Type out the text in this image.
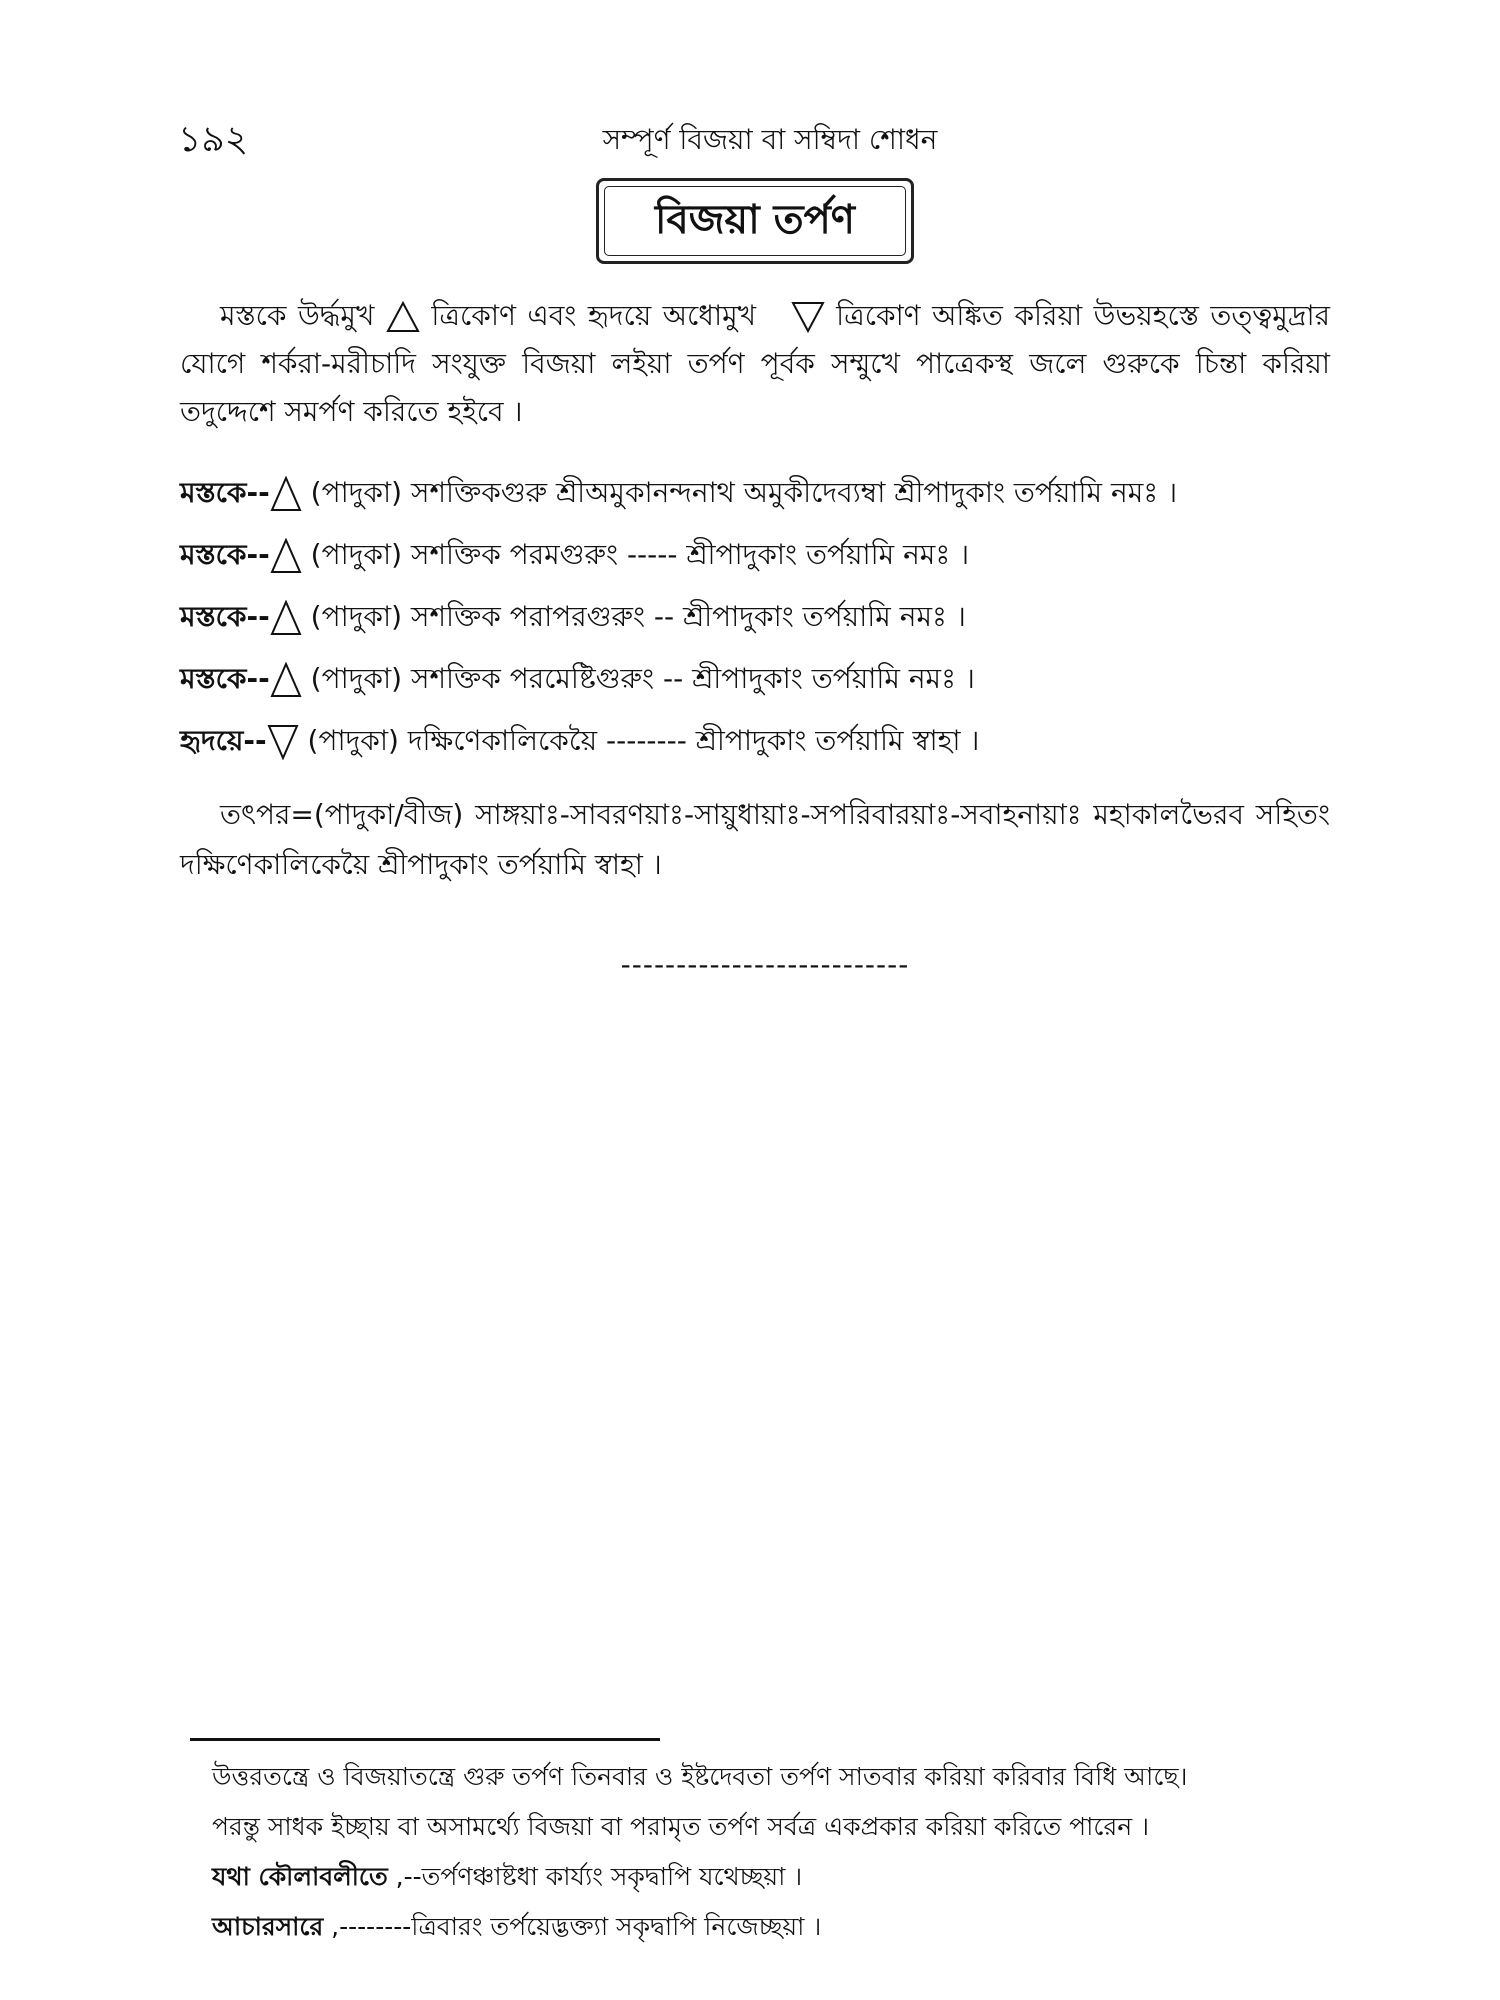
১৯২	সম্পূর্ণ বিজয়া বা সম্বিদা শোধন
বিজয়া তর্পণ
মস্তকে উর্দ্ধমুখ ত্রিকোণ এবং হৃদয়ে অধোমুখ	ত্রিকোণ অঙ্কিত করিয়া উভয়হস্তে তত্ত্বমুদ্রার যোগে শর্করা-মরীচাদি সংযুক্ত বিজয়া লইয়া তর্পণ পূর্বক সম্মুখে পাত্রেকস্থ জলে গুরুকে চিন্তা করিয়া তদুদ্দেশে সমর্পণ করিতে হইবে ।
মস্তকে-- (পাদুকা) সশক্তিকগুরু শ্রীঅমুকানন্দনাথ অমুকীদেব্যম্বা শ্রীপাদুকাং তর্পয়ামি নমঃ ।
মস্তকে-- (পাদুকা) সশক্তিক পরমগুরুং ----- শ্রীপাদুকাং তর্পয়ামি নমঃ ।
মস্তকে-- (পাদুকা) সশক্তিক পরাপরগুরুং -- শ্রীপাদুকাং তর্পয়ামি নমঃ ।
মস্তকে-- (পাদুকা) সশক্তিক পরমেষ্টিগুরুং -- শ্রীপাদুকাং তর্পয়ামি নমঃ ।
হৃদয়ে-- (পাদুকা) দক্ষিণেকালিকেয়ৈ -------- শ্রীপাদুকাং তর্পয়ামি স্বাহা ।
তৎপর=(পাদুকা/বীজ) সাঙ্গয়াঃ-সাবরণয়াঃ-সায়ুধায়াঃ-সপরিবারয়াঃ-সবাহনায়াঃ মহাকালভৈরব সহিতং দক্ষিণেকালিকেয়ৈ শ্রীপাদুকাং তর্পয়ামি স্বাহা ।
--------------------------
উত্তরতন্ত্রে ও বিজয়াতন্ত্রে গুরু তর্পণ তিনবার ও ইষ্টদেবতা তর্পণ সাতবার করিয়া করিবার বিধি আছে।
পরন্তু সাধক ইচ্ছায় বা অসামর্থ্যে বিজয়া বা পরামৃত তর্পণ সর্বত্র একপ্রকার করিয়া করিতে পারেন ।
যথা কৌলাবলীতে ,--তর্পণঞ্চাষ্টধা কার্য্যং সকৃদ্বাপি যথেচ্ছয়া ।
আচারসারে ,--------ত্রিবারং তর্পয়েদ্ভক্ত্যা সকৃদ্বাপি নিজেচ্ছয়া ।
